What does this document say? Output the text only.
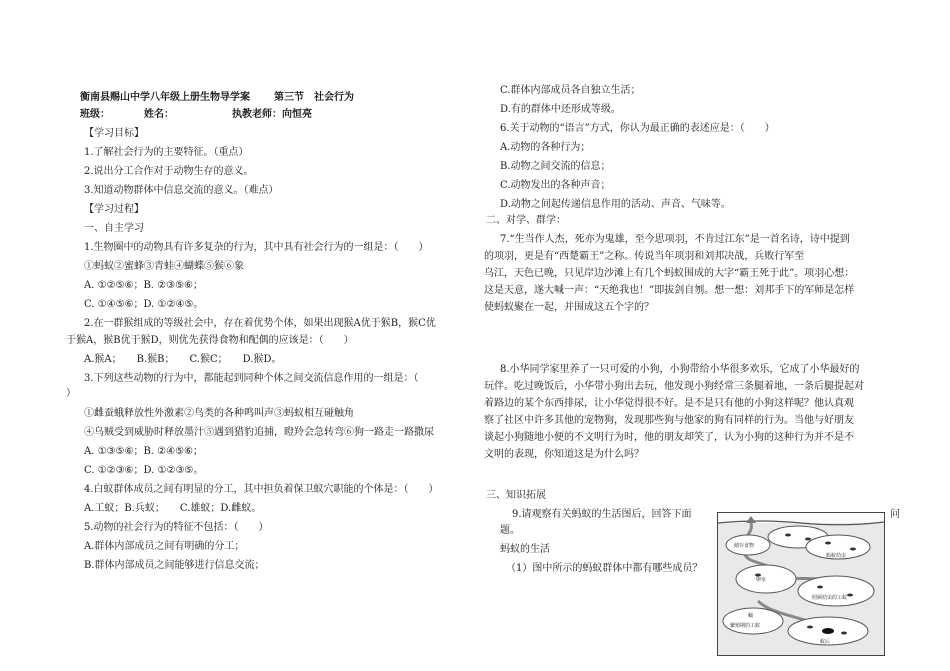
衡南县赐山中学八年级上册生物导学案 第三节　社会行为
班级：	姓名：	执教老师：向恒亮
【学习目标】
1.了解社会行为的主要特征。（重点）
2.说出分工合作对于动物生存的意义。
3.知道动物群体中信息交流的意义。（难点）
【学习过程】
一、自主学习
1.生物圈中的动物具有许多复杂的行为，其中具有社会行为的一组是：（　　）
①蚂蚁②蜜蜂③青蛙④蝴蝶⑤猴⑥象
A. ①②⑤⑥；B. ②③⑤⑥；
C. ①④⑤⑥；D. ①②④⑤。
2.在一群猴组成的等级社会中，存在着优势个体，如果出现猴A优于猴B，猴C优
于猴A，猴B优于猴D，则优先获得食物和配偶的应该是：（　　）
A.猴A；　　B.猴B；　　C.猴C；　　D.猴D。
3.下列这些动物的行为中，都能起到同种个体之间交流信息作用的一组是：（
）
①雌蚕蛾释放性外激素②鸟类的各种鸣叫声③蚂蚁相互碰触角
④乌贼受到威胁时释放墨汁⑤遇到猎豹追捕，瞪羚会急转弯⑥狗一路走一路撒尿
A. ①③⑤⑥；B. ②④⑤⑥；
C. ①②③⑥；D. ①②③⑤。
4.白蚁群体成员之间有明显的分工，其中担负着保卫蚁穴职能的个体是：（　　）
A.工蚁；B.兵蚁；　　C.雄蚁；D.雌蚁。
5.动物的社会行为的特征不包括：（　　）
A.群体内部成员之间有明确的分工；
B.群体内部成员之间能够进行信息交流；
C.群体内部成员各自独立生活；
D.有的群体中还形成等级。
6.关于动物的“语言”方式，你认为最正确的表述应是：（　　）
A.动物的各种行为；
B.动物之间交流的信息；
C.动物发出的各种声音；
D.动物之间起传递信息作用的活动、声音、气味等。
二、对学、群学：
7.“生当作人杰，死亦为鬼雄，至今思项羽，不肯过江东”是一首名诗，诗中提到
的项羽，更是有“西楚霸王”之称。传说当年项羽和刘邦决战，兵败行军至
乌江，天色已晚，只见岸边沙滩上有几个蚂蚁围成的大字“霸王死于此”。项羽心想：
这是天意，遂大喊一声：“天绝我也！”即拔剑自刎。想一想：刘邦手下的军师是怎样
使蚂蚁聚在一起，并围成这五个字的？
8.小华同学家里养了一只可爱的小狗，小狗带给小华很多欢乐，它成了小华最好的
玩伴。吃过晚饭后，小华带小狗出去玩，他发现小狗经常三条腿着地，一条后腿提起对
着路边的某个东西排尿，让小华觉得很不好。是不是只有他的小狗这样呢？他认真观
察了社区中许多其他的宠物狗，发现那些狗与他家的狗有同样的行为。当他与好朋友
谈起小狗随地小便的不文明行为时，他的朋友却笑了，认为小狗的这种行为并不是不
文明的表现，你知道这是为什么吗？
三、知识拓展
9.请观察有关蚂蚁的生活图后，回答下面	问
题。
蚂蚁的生活
（1）图中所示的蚂蚁群体中都有哪些成员？
储存食物
卵室
蚂蚁幼虫
照顾幼虫的工蚁
蛹
繁殖期的工蚁
蚁后
